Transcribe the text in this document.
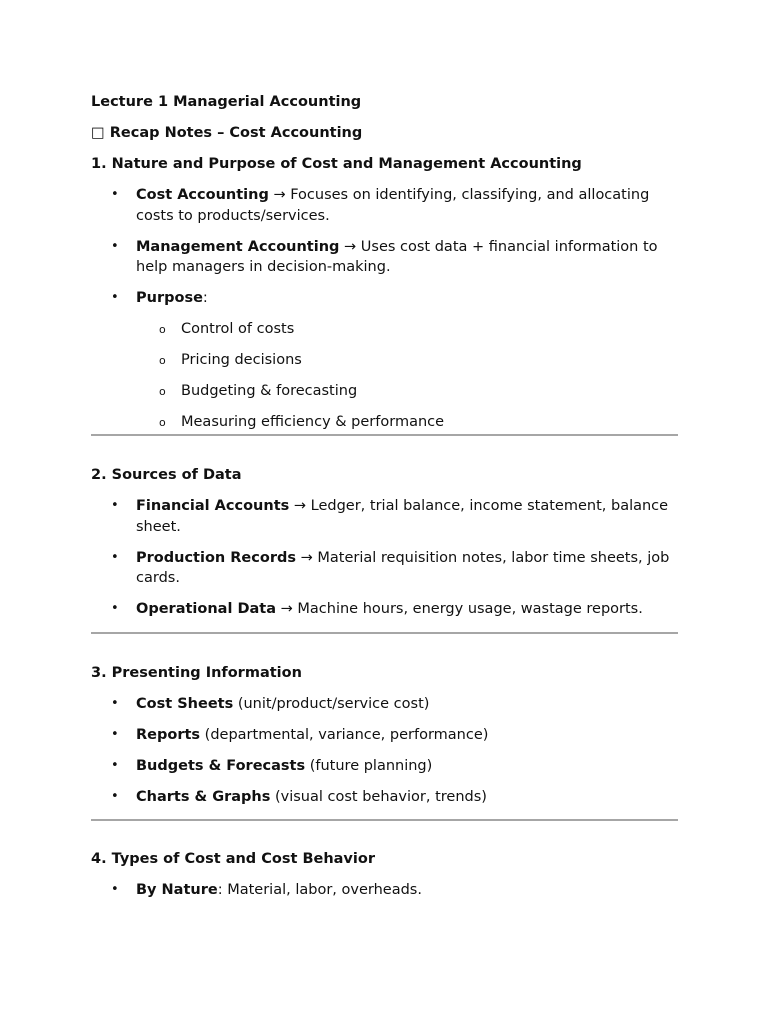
Lecture 1 Managerial Accounting

□ Recap Notes – Cost Accounting

1. Nature and Purpose of Cost and Management Accounting

• Cost Accounting → Focuses on identifying, classifying, and allocating costs to products/services.
• Management Accounting → Uses cost data + financial information to help managers in decision-making.
• Purpose:
o Control of costs
o Pricing decisions
o Budgeting & forecasting
o Measuring efficiency & performance

2. Sources of Data

• Financial Accounts → Ledger, trial balance, income statement, balance sheet.
• Production Records → Material requisition notes, labor time sheets, job cards.
• Operational Data → Machine hours, energy usage, wastage reports.

3. Presenting Information

• Cost Sheets (unit/product/service cost)
• Reports (departmental, variance, performance)
• Budgets & Forecasts (future planning)
• Charts & Graphs (visual cost behavior, trends)

4. Types of Cost and Cost Behavior

• By Nature: Material, labor, overheads.
